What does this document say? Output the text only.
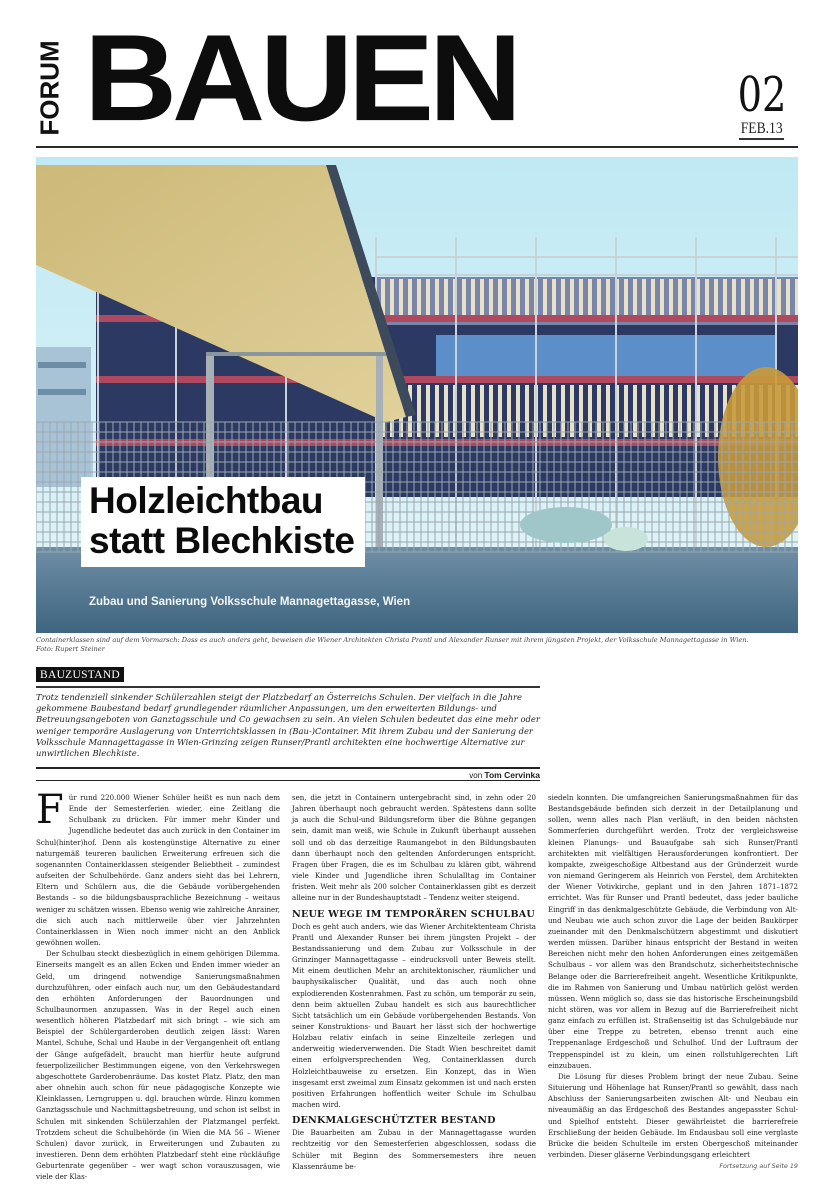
FORUM BAUEN	02
FEB.13
Holzleichtbau
statt Blechkiste
Zubau und Sanierung Volksschule Mannagettagasse, Wien
Containerklassen sind auf dem Vormarsch: Dass es auch anders geht, beweisen die Wiener Architekten Christa Prantl und Alexander Runser mit ihrem jüngsten Projekt, der Volksschule Mannagettagasse in Wien.
Foto: Rupert Steiner
BAUZUSTAND
Trotz tendenziell sinkender Schülerzahlen steigt der Platzbedarf an Österreichs Schulen. Der vielfach in die Jahre gekommene Baubestand bedarf grundlegender räumlicher Anpassungen, um den erweiterten Bildungs- und Betreuungsangeboten von Ganztagsschule und Co gewachsen zu sein. An vielen Schulen bedeutet das eine mehr oder weniger temporäre Auslagerung von Unterrichtsklassen in (Bau-)Container. Mit ihrem Zubau und der Sanierung der Volksschule Mannagettagasse in Wien-Grinzing zeigen Runser/Prantl architekten eine hochwertige Alternative zur unwirtlichen Blechkiste.
von Tom Cervinka

F ür rund 220.000 Wiener Schüler heißt es nun nach dem Ende der Semesterferien wieder, eine Zeitlang die Schulbank zu drücken. Für immer mehr Kinder und Jugendliche bedeutet das auch zurück in den Container im Schul(hinter)hof. Denn als kostengünstige Alternative zu einer naturgemäß teureren baulichen Erweiterung erfreuen sich die sogenannten Containerklassen steigender Beliebtheit – zumindest aufseiten der Schulbehörde. Ganz anders sieht das bei Lehrern, Eltern und Schülern aus, die die Gebäude vorübergehenden Bestands – so die bildungsbausprachliche Bezeichnung – weitaus weniger zu schätzen wissen. Ebenso wenig wie zahlreiche Anrainer, die sich auch nach mittlerweile über vier Jahrzehnten Containerklassen in Wien noch immer nicht an den Anblick gewöhnen wollen.

Der Schulbau steckt diesbezüglich in einem gehörigen Dilemma. Einerseits mangelt es an allen Ecken und Enden immer wieder an Geld, um dringend notwendige Sanierungsmaßnahmen durchzuführen, oder einfach auch nur, um den Gebäudestandard den erhöhten Anforderungen der Bauordnungen und Schulbaunormen anzupassen. Was in der Regel auch einen wesentlich höheren Platzbedarf mit sich bringt – wie sich am Beispiel der Schülergarderoben deutlich zeigen lässt: Waren Mantel, Schuhe, Schal und Haube in der Vergangenheit oft entlang der Gänge aufgefädelt, braucht man hierfür heute aufgrund feuerpolizeilicher Bestimmungen eigene, von den Verkehrswegen abgeschottete Garderobenräume. Das kostet Platz. Platz, den man aber ohnehin auch schon für neue pädagogische Konzepte wie Kleinklassen, Lerngruppen u. dgl. brauchen würde. Hinzu kommen Ganztagsschule und Nachmittagsbetreuung, und schon ist selbst in Schulen mit sinkenden Schülerzahlen der Platzmangel perfekt. Trotzdem scheut die Schulbehörde (in Wien die MA 56 – Wiener Schulen) davor zurück, in Erweiterungen und Zubauten zu investieren. Denn dem erhöhten Platzbedarf steht eine rückläufige Geburtenrate gegenüber – wer wagt schon vorauszusagen, wie viele der Klas-

sen, die jetzt in Containern untergebracht sind, in zehn oder 20 Jahren überhaupt noch gebraucht werden. Spätestens dann sollte ja auch die Schul-und Bildungsreform über die Bühne gegangen sein, damit man weiß, wie Schule in Zukunft überhaupt aussehen soll und ob das derzeitige Raumangebot in den Bildungsbauten dann überhaupt noch den geltenden Anforderungen entspricht. Fragen über Fragen, die es im Schulbau zu klären gibt, während viele Kinder und Jugendliche ihren Schulalltag im Container fristen. Weit mehr als 200 solcher Containerklassen gibt es derzeit alleine nur in der Bundeshauptstadt – Tendenz weiter steigend.

NEUE WEGE IM TEMPORÄREN SCHULBAU

Doch es geht auch anders, wie das Wiener Architektenteam Christa Prantl und Alexander Runser bei ihrem jüngsten Projekt – der Bestandssanierung und dem Zubau zur Volksschule in der Grinzinger Mannagettagasse – eindrucksvoll unter Beweis stellt. Mit einem deutlichen Mehr an architektonischer, räumlicher und bauphysikalischer Qualität, und das auch noch ohne explodierenden Kostenrahmen. Fast zu schön, um temporär zu sein, denn beim aktuellen Zubau handelt es sich aus baurechtlicher Sicht tatsächlich um ein Gebäude vorübergehenden Bestands. Von seiner Konstruktions- und Bauart her lässt sich der hochwertige Holzbau relativ einfach in seine Einzelteile zerlegen und anderweitig wiederverwenden. Die Stadt Wien beschreitet damit einen erfolgversprechenden Weg, Containerklassen durch Holzleichtbauweise zu ersetzen. Ein Konzept, das in Wien insgesamt erst zweimal zum Einsatz gekommen ist und nach ersten positiven Erfahrungen hoffentlich weiter Schule im Schulbau machen wird.

DENKMALGESCHÜTZTER BESTAND

Die Bauarbeiten am Zubau in der Mannagettagasse wurden rechtzeitig vor den Semesterferien abgeschlossen, sodass die Schüler mit Beginn des Sommersemesters ihre neuen Klassenräume be-

siedeln konnten. Die umfangreichen Sanierungsmaßnahmen für das Bestandsgebäude befinden sich derzeit in der Detailplanung und sollen, wenn alles nach Plan verläuft, in den beiden nächsten Sommerferien durchgeführt werden. Trotz der vergleichsweise kleinen Planungs- und Bauaufgabe sah sich Runser/Prantl architekten mit vielfältigen Herausforderungen konfrontiert. Der kompakte, zweigeschoßige Altbestand aus der Gründerzeit wurde von niemand Geringerem als Heinrich von Ferstel, dem Architekten der Wiener Votivkirche, geplant und in den Jahren 1871–1872 errichtet. Was für Runser und Prantl bedeutet, dass jeder bauliche Eingriff in das denkmalgeschützte Gebäude, die Verbindung von Alt- und Neubau wie auch schon zuvor die Lage der beiden Baukörper zueinander mit den Denkmalschützern abgestimmt und diskutiert werden müssen. Darüber hinaus entspricht der Bestand in weiten Bereichen nicht mehr den hohen Anforderungen eines zeitgemäßen Schulbaus – vor allem was den Brandschutz, sicherheitstechnische Belange oder die Barrierefreiheit angeht. Wesentliche Kritikpunkte, die im Rahmen von Sanierung und Umbau natürlich gelöst werden müssen. Wenn möglich so, dass sie das historische Erscheinungsbild nicht stören, was vor allem in Bezug auf die Barrierefreiheit nicht ganz einfach zu erfüllen ist. Straßenseitig ist das Schulgebäude nur über eine Treppe zu betreten, ebenso trennt auch eine Treppenanlage Erdgeschoß und Schulhof. Und der Luftraum der Treppenspindel ist zu klein, um einen rollstuhlgerechten Lift einzubauen.

Die Lösung für dieses Problem bringt der neue Zubau. Seine Situierung und Höhenlage hat Runser/Prantl so gewählt, dass nach Abschluss der Sanierungsarbeiten zwischen Alt- und Neubau ein niveaumäßig an das Erdgeschoß des Bestandes angepasster Schul- und Spielhof entsteht. Dieser gewährleistet die barrierefreie Erschließung der beiden Gebäude. Im Endausbau soll eine verglaste Brücke die beiden Schulteile im ersten Obergeschoß miteinander verbinden. Dieser gläserne Verbindungsgang erleichtert

Fortsetzung auf Seite 19
